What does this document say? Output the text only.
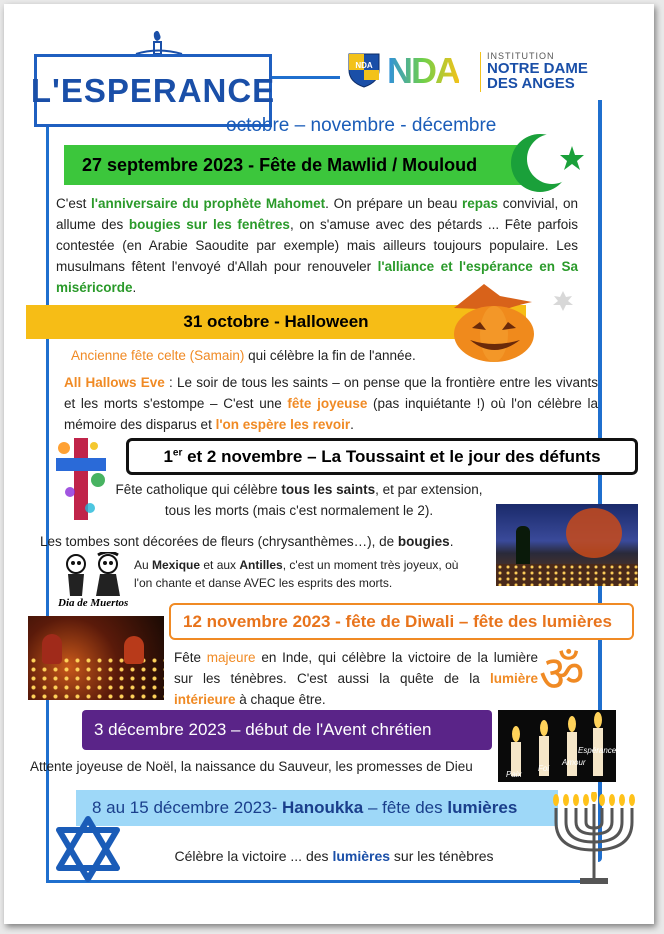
L'ESPERANCE
octobre – novembre - décembre
NDA NDA	INSTITUTION
NOTRE DAME
DES ANGES
27 septembre 2023 - Fête de Mawlid / Mouloud
C'est l'anniversaire du prophète Mahomet. On prépare un beau repas convivial, on allume des bougies sur les fenêtres, on s'amuse avec des pétards ... Fête parfois contestée (en Arabie Saoudite par exemple) mais ailleurs toujours populaire. Les musulmans fêtent l'envoyé d'Allah pour renouveler l'alliance et l'espérance en Sa miséricorde.
31 octobre - Halloween
Ancienne fête celte (Samain) qui célèbre la fin de l'année.
All Hallows Eve : Le soir de tous les saints – on pense que la frontière entre les vivants et les morts s'estompe – C'est une fête joyeuse (pas inquiétante !) où l'on célèbre la mémoire des disparus et l'on espère les revoir.
1er et 2 novembre – La Toussaint et le jour des défunts
Fête catholique qui célèbre tous les saints, et par extension, tous les morts (mais c'est normalement le 2).
Les tombes sont décorées de fleurs (chrysanthèmes…), de bougies.
Dia de Muertos
Au Mexique et aux Antilles, c'est un moment très joyeux, où l'on chante et danse AVEC les esprits des morts.
12 novembre 2023 - fête de Diwali – fête des lumières
Fête majeure en Inde, qui célèbre la victoire de la lumière sur les ténèbres. C'est aussi la quête de la lumière intérieure à chaque être.	ॐ
3 décembre 2023 – début de l'Avent chrétien
Paix
Foi
Amour
Espérance
Attente joyeuse de Noël, la naissance du Sauveur, les promesses de Dieu
8 au 15 décembre 2023- Hanoukka – fête des lumières
Célèbre la victoire ... des lumières sur les ténèbres
